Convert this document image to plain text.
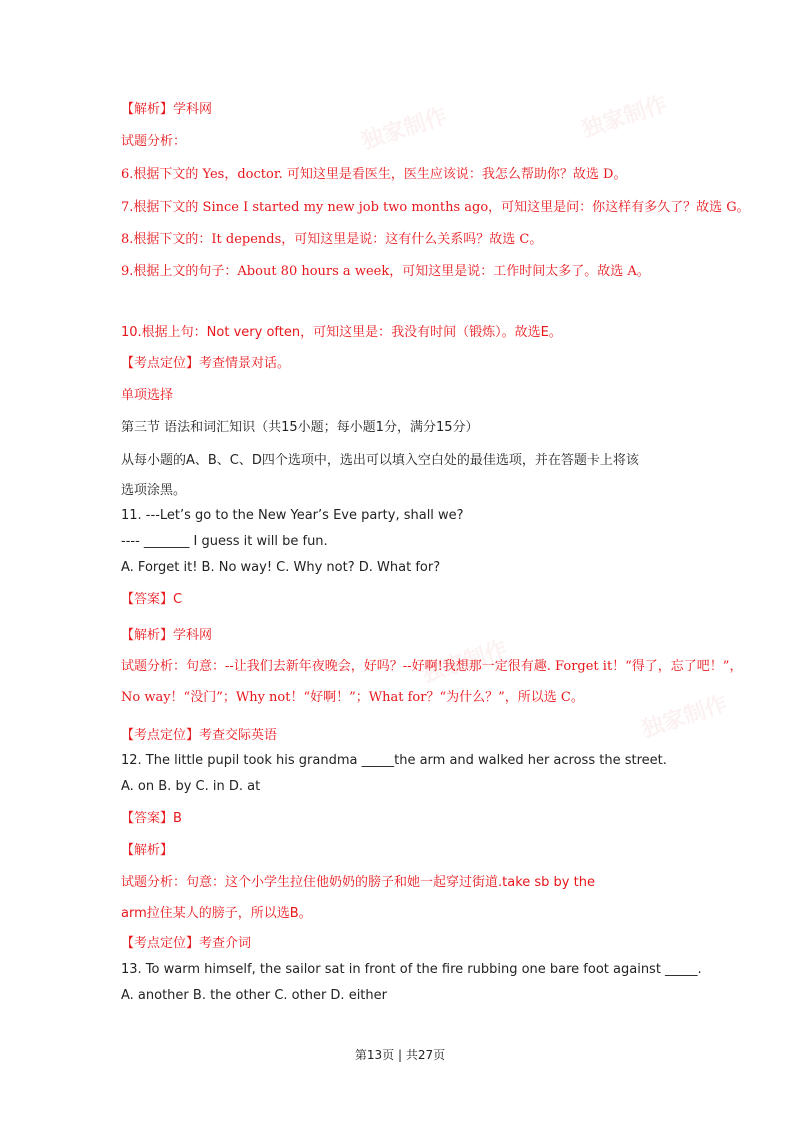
独家制作	独家制作
独家制作
独家制作
【解析】学科网
试题分析：
6.根据下文的 Yes，doctor. 可知这里是看医生，医生应该说：我怎么帮助你？故选 D。
7.根据下文的 Since I started my new job two months ago，可知这里是问：你这样有多久了？故选 G。
8.根据下文的：It depends，可知这里是说：这有什么关系吗？故选 C。
9.根据上文的句子：About 80 hours a week，可知这里是说：工作时间太多了。故选 A。
10.根据上句：Not very often，可知这里是：我没有时间（锻炼）。故选E。
【考点定位】考查情景对话。
单项选择
第三节 语法和词汇知识（共15小题；每小题1分，满分15分）
从每小题的A、B、C、D四个选项中，选出可以填入空白处的最佳选项，并在答题卡上将该
选项涂黑。
11. ---Let’s go to the New Year’s Eve party, shall we?
---- _______ I guess it will be fun.
A. Forget it! B. No way! C. Why not? D. What for?
【答案】C
【解析】学科网
试题分析：句意：--让我们去新年夜晚会，好吗？--好啊!我想那一定很有趣. Forget it！“得了，忘了吧！”，
No way！“没门”；Why not！“好啊！”；What for？“为什么？”，所以选 C。
【考点定位】考查交际英语
12. The little pupil took his grandma _____the arm and walked her across the street.
A. on B. by C. in D. at
【答案】B
【解析】
试题分析：句意：这个小学生拉住他奶奶的膀子和她一起穿过街道.take sb by the
arm拉住某人的膀子，所以选B。
【考点定位】考查介词
13. To warm himself, the sailor sat in front of the fire rubbing one bare foot against _____.
A. another B. the other C. other D. either
第13页 | 共27页
